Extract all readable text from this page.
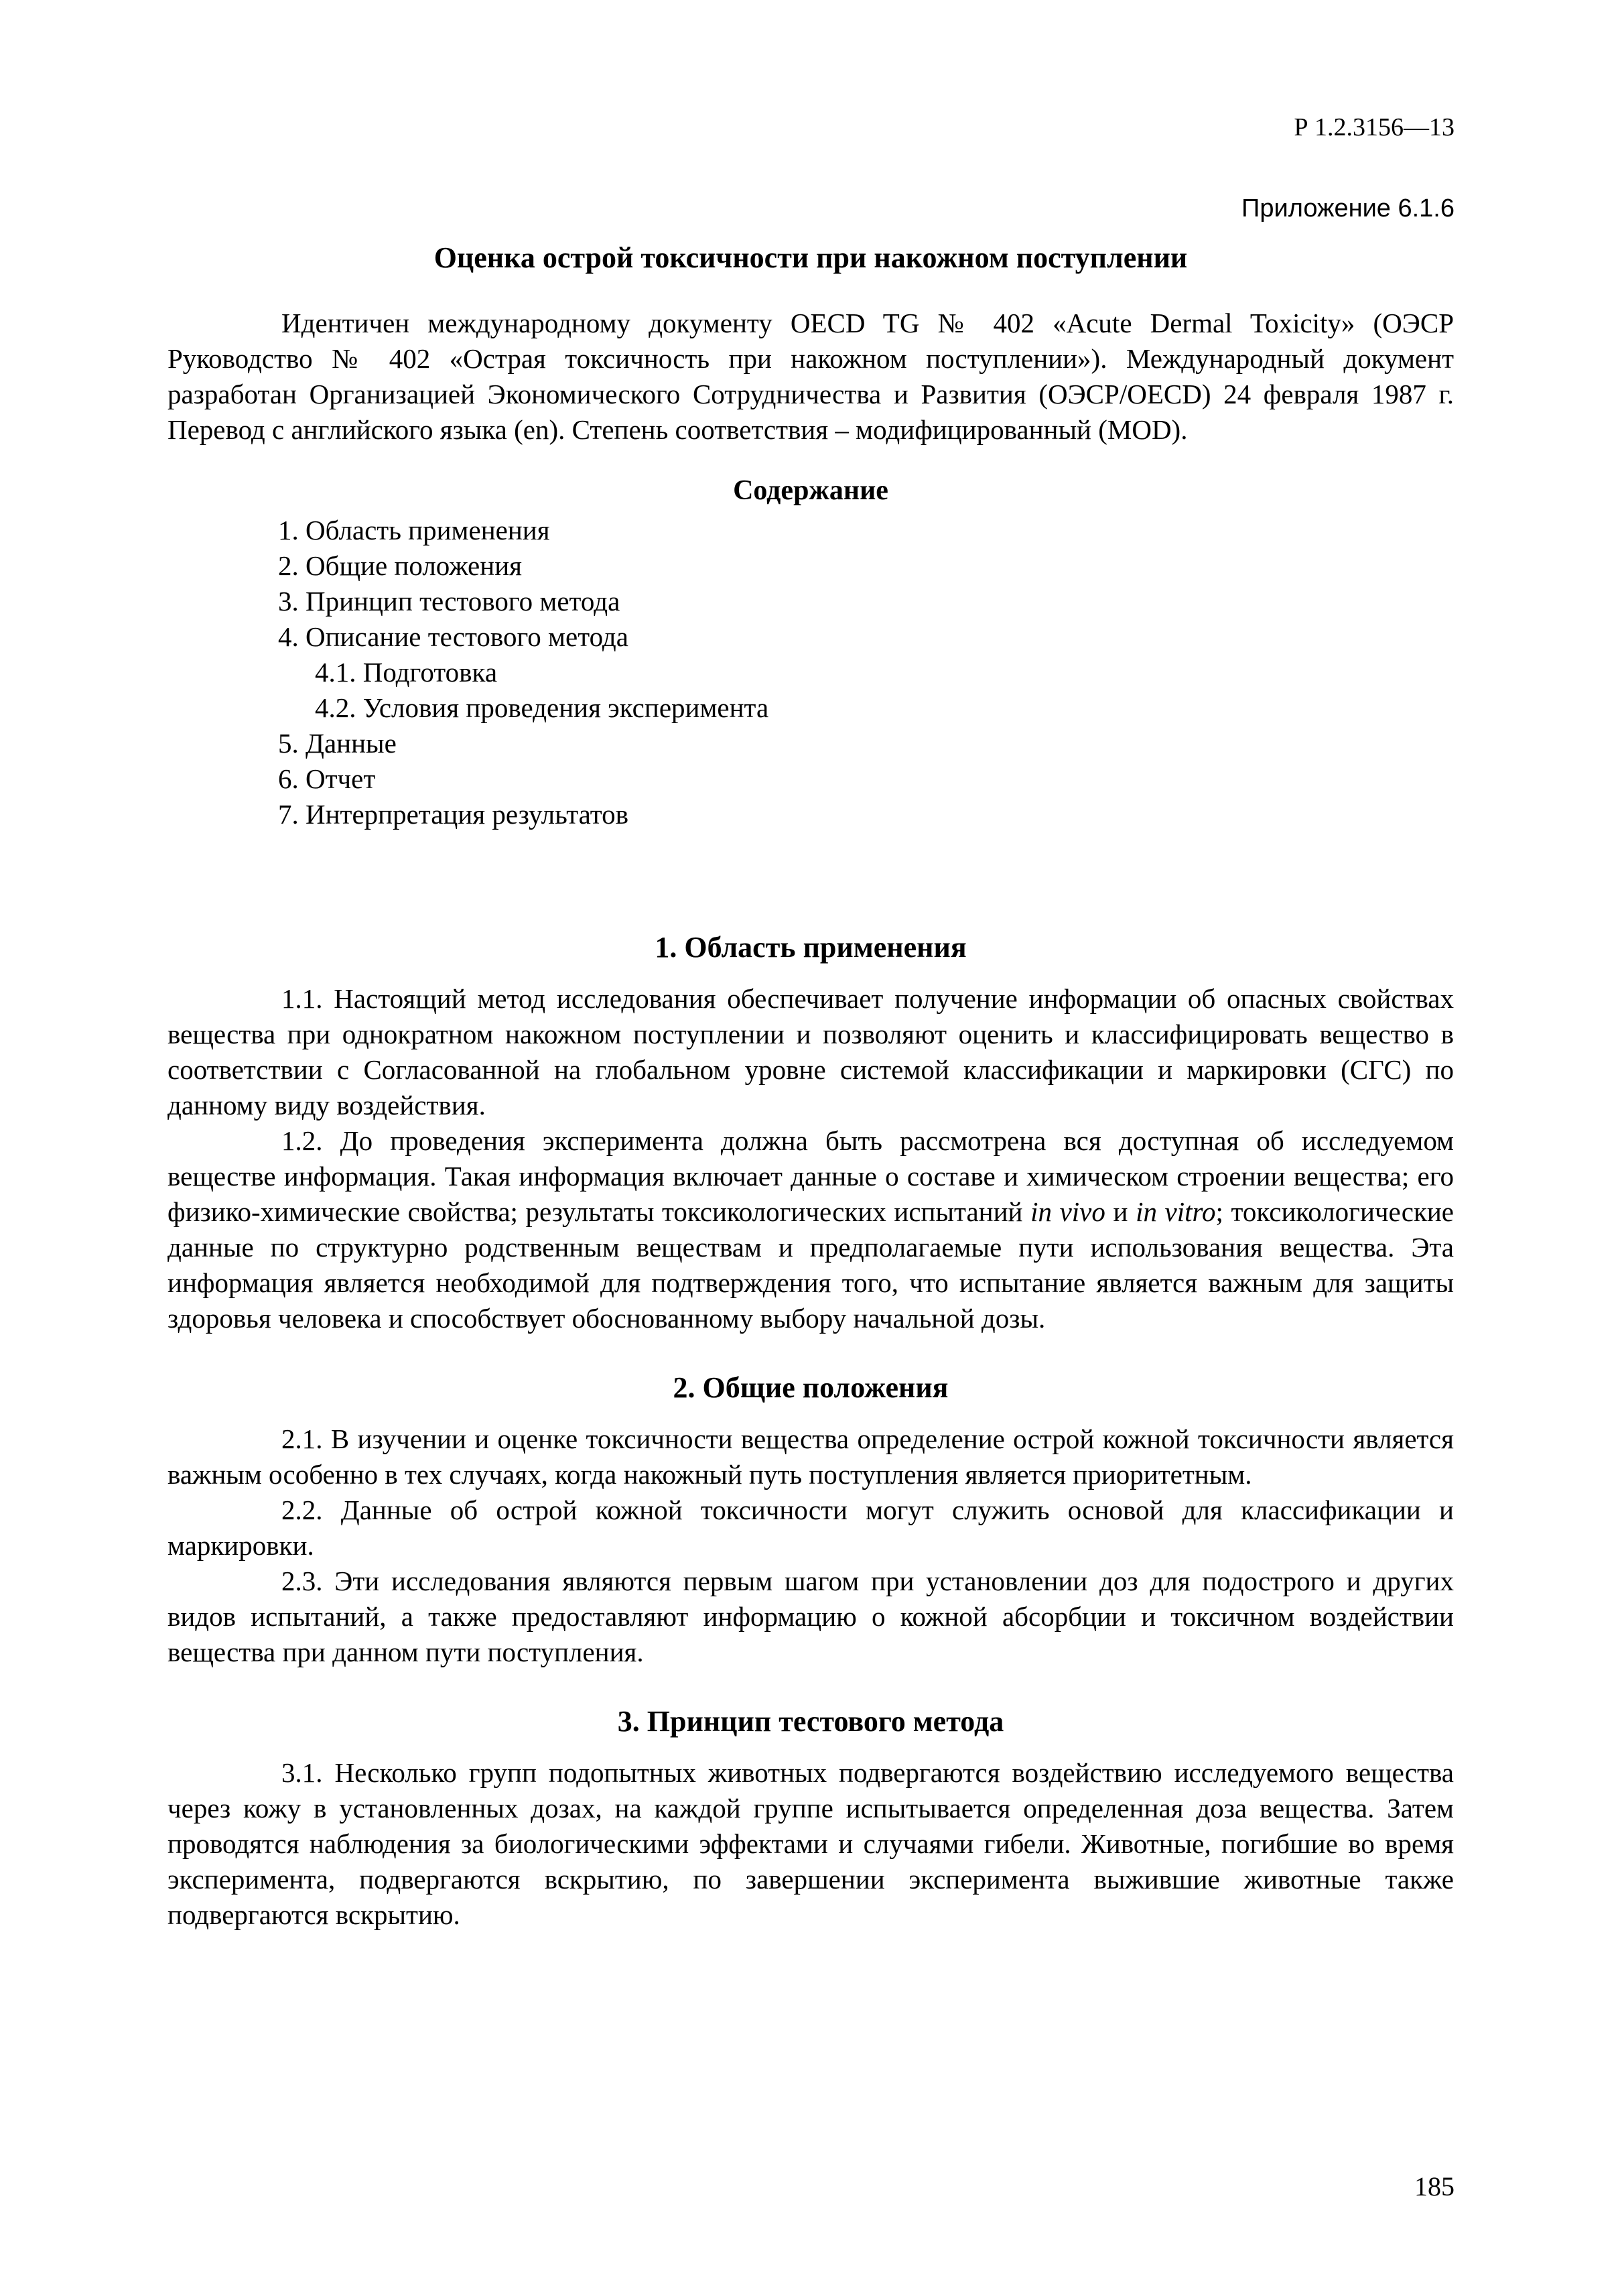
Р 1.2.3156—13
Приложение 6.1.6
Оценка острой токсичности при накожном поступлении

Идентичен международному документу OECD TG № 402 «Acute Dermal Toxicity» (ОЭСР Руководство № 402 «Острая токсичность при накожном поступлении»). Международный документ разработан Организацией Экономического Сотрудничества и Развития (ОЭСР/OECD) 24 февраля 1987 г. Перевод с английского языка (en). Степень соответствия – модифицированный (MOD).

Содержание
1. Область применения
2. Общие положения
3. Принцип тестового метода
4. Описание тестового метода
4.1. Подготовка
4.2. Условия проведения эксперимента
5. Данные
6. Отчет
7. Интерпретация результатов
1. Область применения

1.1. Настоящий метод исследования обеспечивает получение информации об опасных свойствах вещества при однократном накожном поступлении и позволяют оценить и классифицировать вещество в соответствии с Согласованной на глобальном уровне системой классификации и маркировки (СГС) по данному виду воздействия.

1.2. До проведения эксперимента должна быть рассмотрена вся доступная об исследуемом веществе информация. Такая информация включает данные о составе и химическом строении вещества; его физико-химические свойства; результаты токсикологических испытаний in vivo и in vitro; токсикологические данные по структурно родственным веществам и предполагаемые пути использования вещества. Эта информация является необходимой для подтверждения того, что испытание является важным для защиты здоровья человека и способствует обоснованному выбору начальной дозы.

2. Общие положения

2.1. В изучении и оценке токсичности вещества определение острой кожной токсичности является важным особенно в тех случаях, когда накожный путь поступления является приоритетным.

2.2. Данные об острой кожной токсичности могут служить основой для классификации и маркировки.

2.3. Эти исследования являются первым шагом при установлении доз для подострого и других видов испытаний, а также предоставляют информацию о кожной абсорбции и токсичном воздействии вещества при данном пути поступления.

3. Принцип тестового метода

3.1. Несколько групп подопытных животных подвергаются воздействию исследуемого вещества через кожу в установленных дозах, на каждой группе испытывается определенная доза вещества. Затем проводятся наблюдения за биологическими эффектами и случаями гибели. Животные, погибшие во время эксперимента, подвергаются вскрытию, по завершении эксперимента выжившие животные также подвергаются вскрытию.

185
